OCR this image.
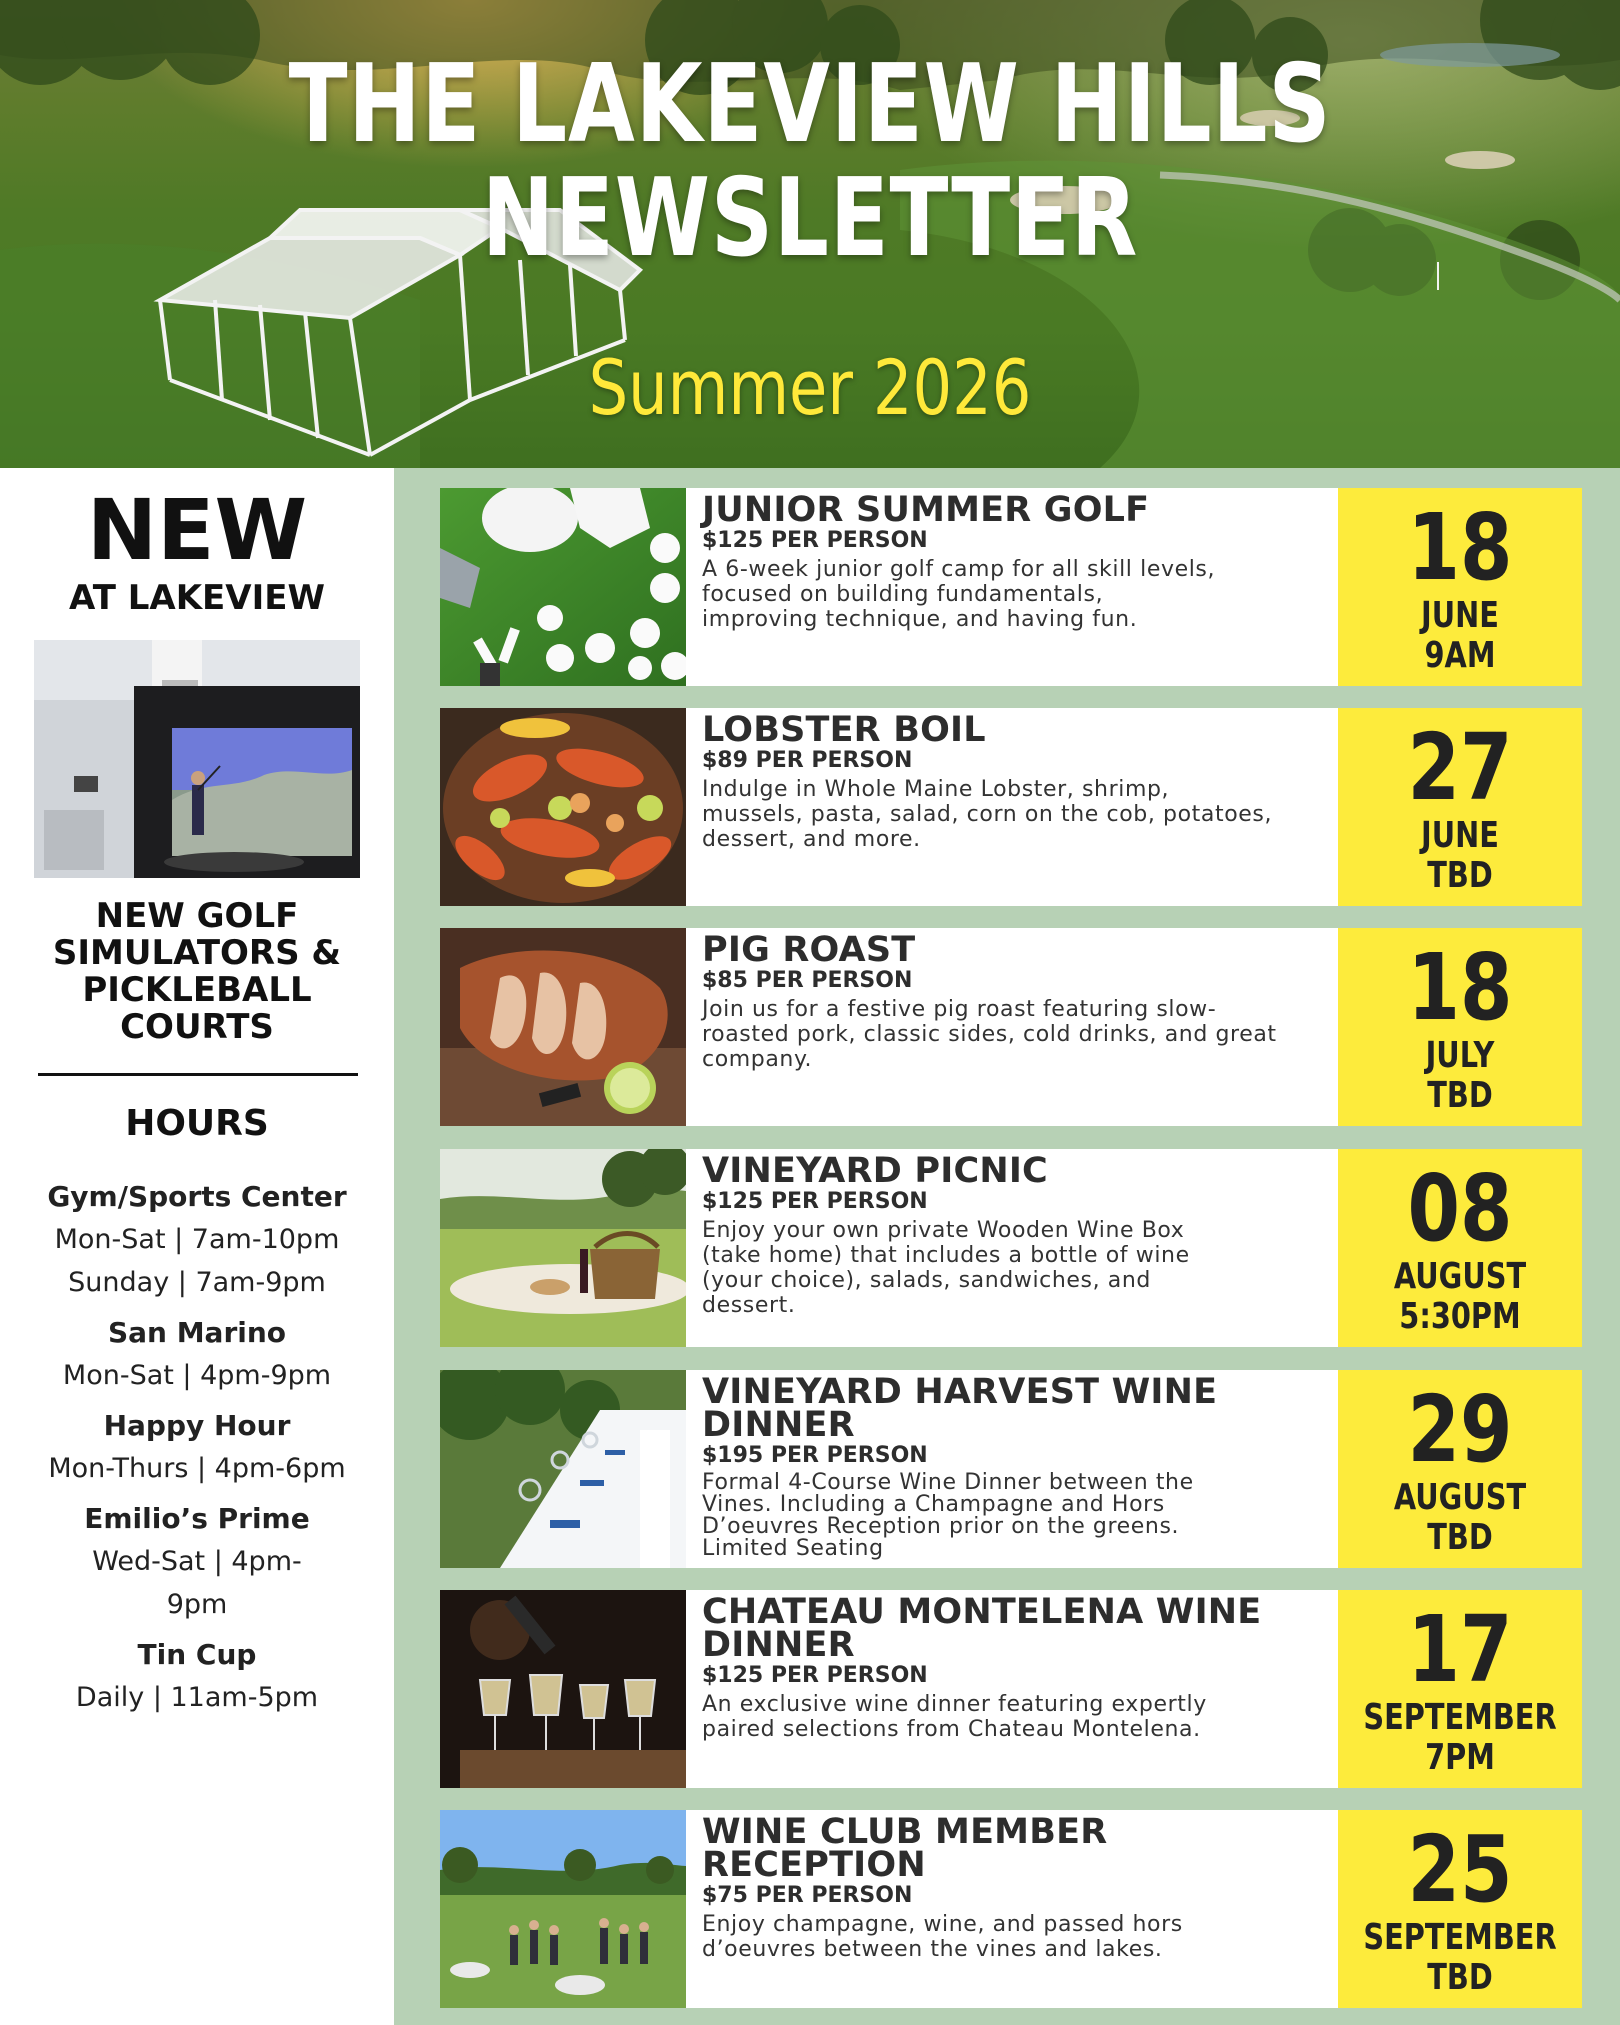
THE LAKEVIEW HILLS
NEWSLETTER
Summer 2026
NEW
AT LAKEVIEW
NEW GOLF
SIMULATORS &
PICKLEBALL
COURTS
HOURS
Gym/Sports Center
Mon-Sat | 7am-10pm
Sunday | 7am-9pm
San Marino
Mon-Sat | 4pm-9pm
Happy Hour
Mon-Thurs | 4pm-6pm
Emilio’s Prime
Wed-Sat | 4pm-
9pm
Tin Cup
Daily | 11am-5pm
JUNIOR SUMMER GOLF
$125 PER PERSON
A 6-week junior golf camp for all skill levels,
focused on building fundamentals,
improving technique, and having fun.
18
JUNE
9AM
LOBSTER BOIL
$89 PER PERSON
Indulge in Whole Maine Lobster, shrimp,
mussels, pasta, salad, corn on the cob, potatoes,
dessert, and more.
27
JUNE
TBD
PIG ROAST
$85 PER PERSON
Join us for a festive pig roast featuring slow-
roasted pork, classic sides, cold drinks, and great
company.
18
JULY
TBD
VINEYARD PICNIC
$125 PER PERSON
Enjoy your own private Wooden Wine Box
(take home) that includes a bottle of wine
(your choice), salads, sandwiches, and
dessert.
08
AUGUST
5:30PM
VINEYARD HARVEST WINE
DINNER
$195 PER PERSON
Formal 4-Course Wine Dinner between the
Vines. Including a Champagne and Hors
D’oeuvres Reception prior on the greens.
Limited Seating
29
AUGUST
TBD
CHATEAU MONTELENA WINE
DINNER
$125 PER PERSON
An exclusive wine dinner featuring expertly
paired selections from Chateau Montelena.
17
SEPTEMBER
7PM
WINE CLUB MEMBER RECEPTION
$75 PER PERSON
Enjoy champagne, wine, and passed hors
d’oeuvres between the vines and lakes.
25
SEPTEMBER
TBD
